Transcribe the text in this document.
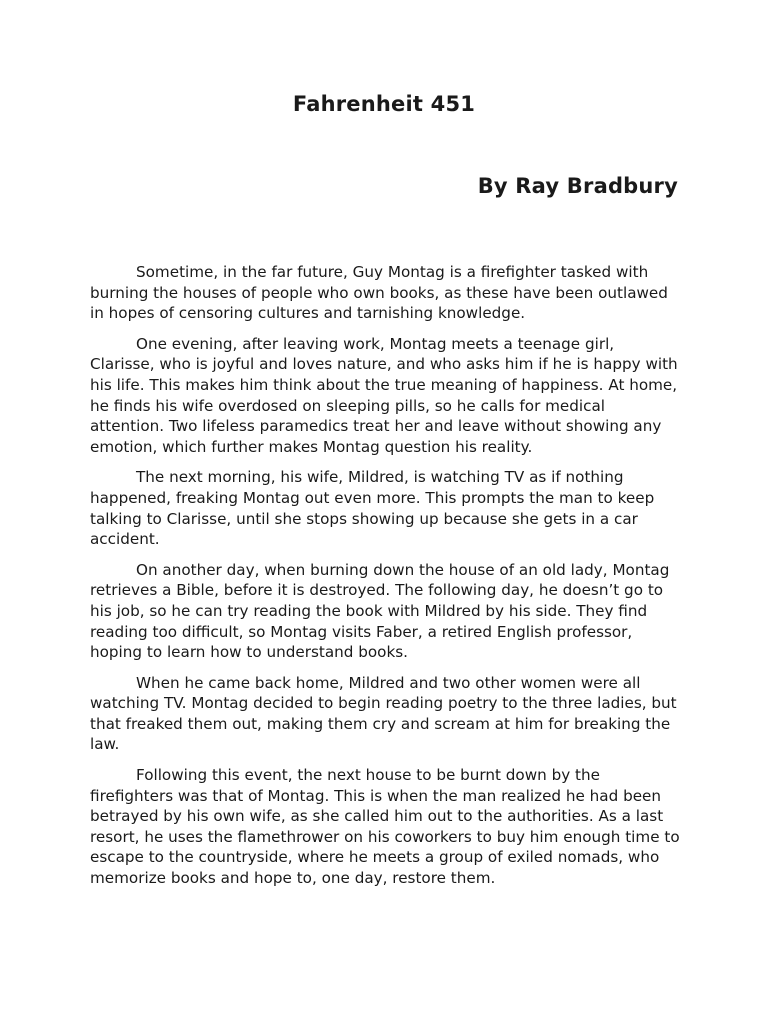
Fahrenheit 451
By Ray Bradbury

Sometime, in the far future, Guy Montag is a firefighter tasked with burning the houses of people who own books, as these have been outlawed in hopes of censoring cultures and tarnishing knowledge.

One evening, after leaving work, Montag meets a teenage girl, Clarisse, who is joyful and loves nature, and who asks him if he is happy with his life. This makes him think about the true meaning of happiness. At home, he finds his wife overdosed on sleeping pills, so he calls for medical attention. Two lifeless paramedics treat her and leave without showing any emotion, which further makes Montag question his reality.

The next morning, his wife, Mildred, is watching TV as if nothing happened, freaking Montag out even more. This prompts the man to keep talking to Clarisse, until she stops showing up because she gets in a car accident.

On another day, when burning down the house of an old lady, Montag retrieves a Bible, before it is destroyed. The following day, he doesn’t go to his job, so he can try reading the book with Mildred by his side. They find reading too difficult, so Montag visits Faber, a retired English professor, hoping to learn how to understand books.

When he came back home, Mildred and two other women were all watching TV. Montag decided to begin reading poetry to the three ladies, but that freaked them out, making them cry and scream at him for breaking the law.

Following this event, the next house to be burnt down by the firefighters was that of Montag. This is when the man realized he had been betrayed by his own wife, as she called him out to the authorities. As a last resort, he uses the flamethrower on his coworkers to buy him enough time to escape to the countryside, where he meets a group of exiled nomads, who memorize books and hope to, one day, restore them.
